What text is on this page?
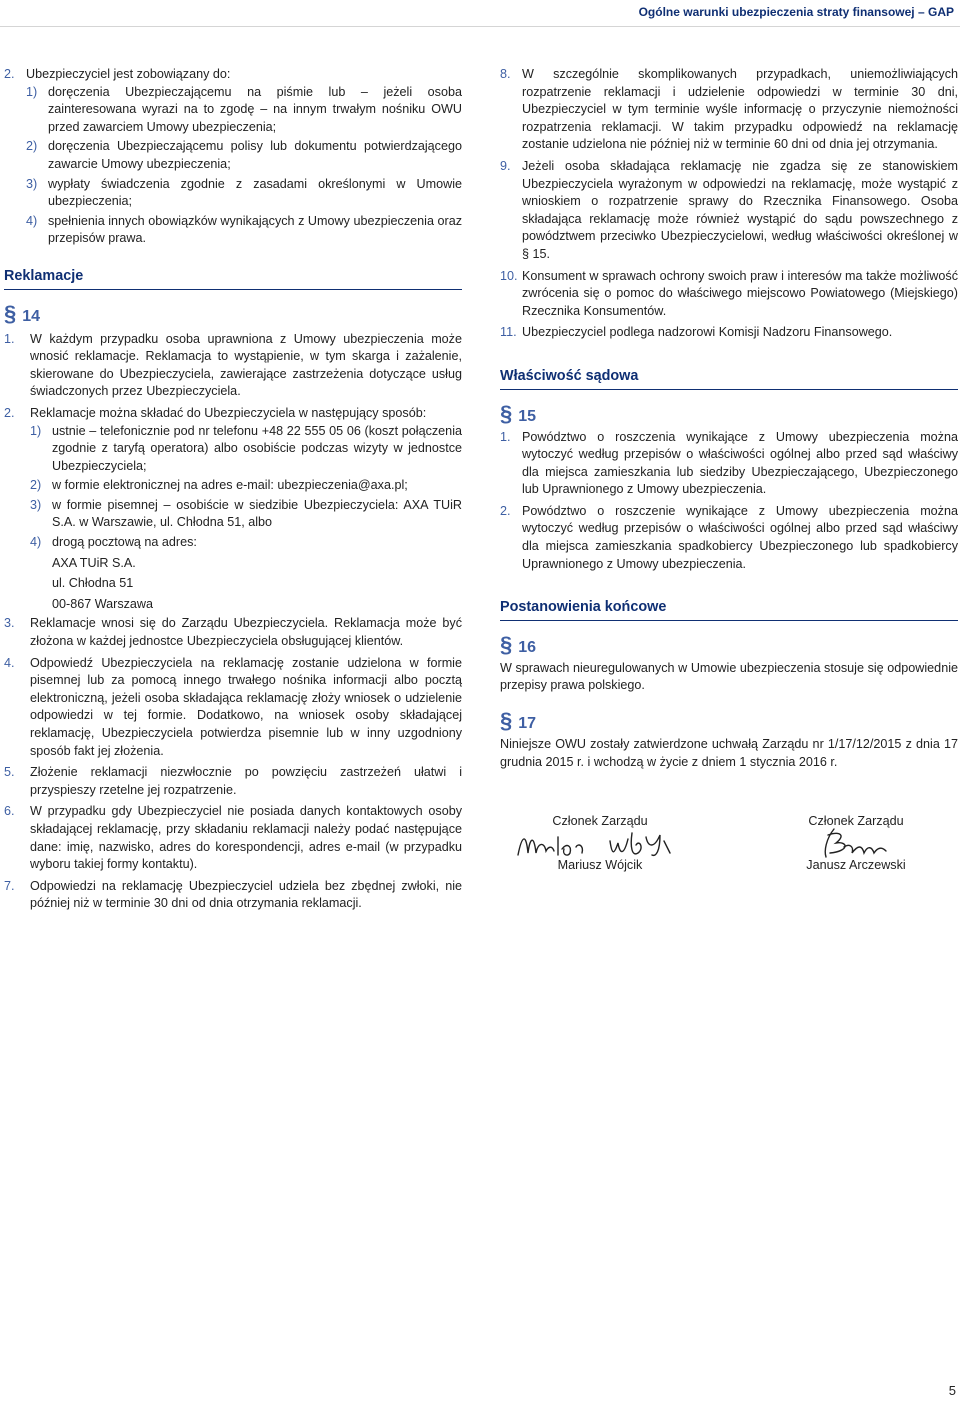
Ogólne warunki ubezpieczenia straty finansowej – GAP
2. Ubezpieczyciel jest zobowiązany do:

1) doręczenia Ubezpieczającemu na piśmie lub – jeżeli osoba zainteresowana wyrazi na to zgodę – na innym trwałym nośniku OWU przed zawarciem Umowy ubezpieczenia;

2) doręczenia Ubezpieczającemu polisy lub dokumentu potwierdzającego zawarcie Umowy ubezpieczenia;

3) wypłaty świadczenia zgodnie z zasadami określonymi w Umowie ubezpieczenia;

4) spełnienia innych obowiązków wynikających z Umowy ubezpieczenia oraz przepisów prawa.

Reklamacje
§ 14
1. W każdym przypadku osoba uprawniona z Umowy ubezpieczenia może wnosić reklamacje. Reklamacja to wystąpienie, w tym skarga i zażalenie, skierowane do Ubezpieczyciela, zawierające zastrzeżenia dotyczące usług świadczonych przez Ubezpieczyciela.

2. Reklamacje można składać do Ubezpieczyciela w następujący sposób:

1) ustnie – telefonicznie pod nr telefonu +48 22 555 05 06 (koszt połączenia zgodnie z taryfą operatora) albo osobiście podczas wizyty w jednostce Ubezpieczyciela;

2) w formie elektronicznej na adres e-mail: ubezpieczenia@axa.pl;

3) w formie pisemnej – osobiście w siedzibie Ubezpieczyciela: AXA TUiR S.A. w Warszawie, ul. Chłodna 51, albo

4) drogą pocztową na adres:

AXA TUiR S.A.

ul. Chłodna 51

00-867 Warszawa

3. Reklamacje wnosi się do Zarządu Ubezpieczyciela. Reklamacja może być złożona w każdej jednostce Ubezpieczyciela obsługującej klientów.

4. Odpowiedź Ubezpieczyciela na reklamację zostanie udzielona w formie pisemnej lub za pomocą innego trwałego nośnika informacji albo pocztą elektroniczną, jeżeli osoba składająca reklamację złoży wniosek o udzielenie odpowiedzi w tej formie. Dodatkowo, na wniosek osoby składającej reklamację, Ubezpieczyciela potwierdza pisemnie lub w inny uzgodniony sposób fakt jej złożenia.

5. Złożenie reklamacji niezwłocznie po powzięciu zastrzeżeń ułatwi i przyspieszy rzetelne jej rozpatrzenie.

6. W przypadku gdy Ubezpieczyciel nie posiada danych kontaktowych osoby składającej reklamację, przy składaniu reklamacji należy podać następujące dane: imię, nazwisko, adres do korespondencji, adres e-mail (w przypadku wyboru takiej formy kontaktu).

7. Odpowiedzi na reklamację Ubezpieczyciel udziela bez zbędnej zwłoki, nie później niż w terminie 30 dni od dnia otrzymania reklamacji.

8. W szczególnie skomplikowanych przypadkach, uniemożliwiających rozpatrzenie reklamacji i udzielenie odpowiedzi w terminie 30 dni, Ubezpieczyciel w tym terminie wyśle informację o przyczynie niemożności rozpatrzenia reklamacji. W takim przypadku odpowiedź na reklamację zostanie udzielona nie później niż w terminie 60 dni od dnia jej otrzymania.

9. Jeżeli osoba składająca reklamację nie zgadza się ze stanowiskiem Ubezpieczyciela wyrażonym w odpowiedzi na reklamację, może wystąpić z wnioskiem o rozpatrzenie sprawy do Rzecznika Finansowego. Osoba składająca reklamację może również wystąpić do sądu powszechnego z powództwem przeciwko Ubezpieczycielowi, według właściwości określonej w § 15.

10. Konsument w sprawach ochrony swoich praw i interesów ma także możliwość zwrócenia się o pomoc do właściwego miejscowo Powiatowego (Miejskiego) Rzecznika Konsumentów.

11. Ubezpieczyciel podlega nadzorowi Komisji Nadzoru Finansowego.

Właściwość sądowa
§ 15
1. Powództwo o roszczenia wynikające z Umowy ubezpieczenia można wytoczyć według przepisów o właściwości ogólnej albo przed sąd właściwy dla miejsca zamieszkania lub siedziby Ubezpieczającego, Ubezpieczonego lub Uprawnionego z Umowy ubezpieczenia.

2. Powództwo o roszczenie wynikające z Umowy ubezpieczenia można wytoczyć według przepisów o właściwości ogólnej albo przed sąd właściwy dla miejsca zamieszkania spadkobiercy Ubezpieczonego lub spadkobiercy Uprawnionego z Umowy ubezpieczenia.

Postanowienia końcowe
§ 16

W sprawach nieuregulowanych w Umowie ubezpieczenia stosuje się odpowiednie przepisy prawa polskiego.

§ 17

Niniejsze OWU zostały zatwierdzone uchwałą Zarządu nr 1/17/12/2015 z dnia 17 grudnia 2015 r. i wchodzą w życie z dniem 1 stycznia 2016 r.

Członek Zarządu
Mariusz Wójcik
Członek Zarządu
Janusz Arczewski
5
